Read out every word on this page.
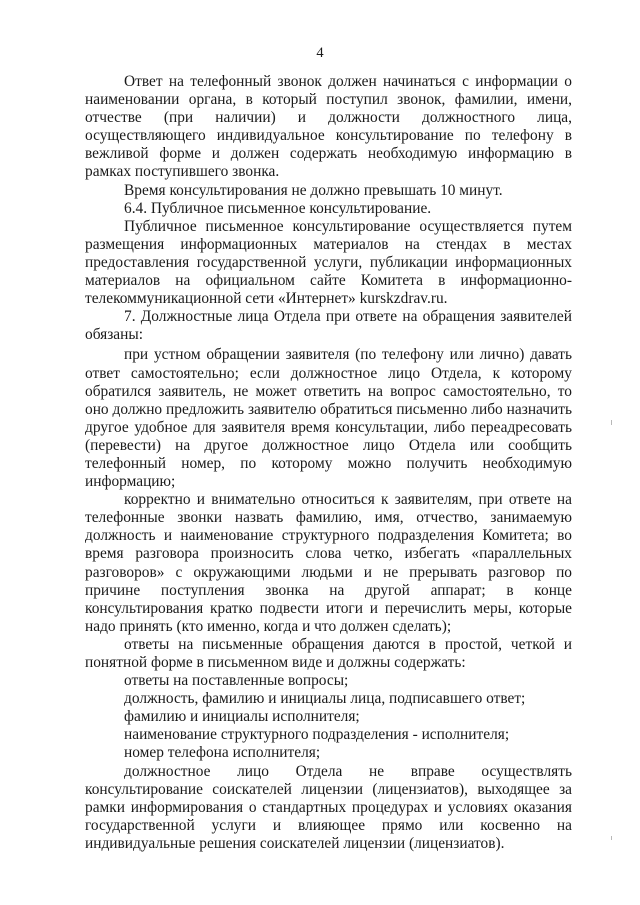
4

Ответ на телефонный звонок должен начинаться с информации о наименовании органа, в который поступил звонок, фамилии, имени, отчестве (при наличии) и должности должностного лица, осуществляющего индивидуальное консультирование по телефону в вежливой форме и должен содержать необходимую информацию в рамках поступившего звонка.

Время консультирования не должно превышать 10 минут.

6.4. Публичное письменное консультирование.

Публичное письменное консультирование осуществляется путем размещения информационных материалов на стендах в местах предоставления государственной услуги, публикации информационных материалов на официальном сайте Комитета в информационно-телекоммуникационной сети «Интернет» kurskzdrav.ru.

7. Должностные лица Отдела при ответе на обращения заявителей обязаны:

при устном обращении заявителя (по телефону или лично) давать ответ самостоятельно; если должностное лицо Отдела, к которому обратился заявитель, не может ответить на вопрос самостоятельно, то оно должно предложить заявителю обратиться письменно либо назначить другое удобное для заявителя время консультации, либо переадресовать (перевести) на другое должностное лицо Отдела или сообщить телефонный номер, по которому можно получить необходимую информацию;

корректно и внимательно относиться к заявителям, при ответе на телефонные звонки назвать фамилию, имя, отчество, занимаемую должность и наименование структурного подразделения Комитета; во время разговора произносить слова четко, избегать «параллельных разговоров» с окружающими людьми и не прерывать разговор по причине поступления звонка на другой аппарат; в конце консультирования кратко подвести итоги и перечислить меры, которые надо принять (кто именно, когда и что должен сделать);

ответы на письменные обращения даются в простой, четкой и понятной форме в письменном виде и должны содержать:

ответы на поставленные вопросы;

должность, фамилию и инициалы лица, подписавшего ответ;

фамилию и инициалы исполнителя;

наименование структурного подразделения - исполнителя;

номер телефона исполнителя;

должностное лицо Отдела не вправе осуществлять консультирование соискателей лицензии (лицензиатов), выходящее за рамки информирования о стандартных процедурах и условиях оказания государственной услуги и влияющее прямо или косвенно на индивидуальные решения соискателей лицензии (лицензиатов).
